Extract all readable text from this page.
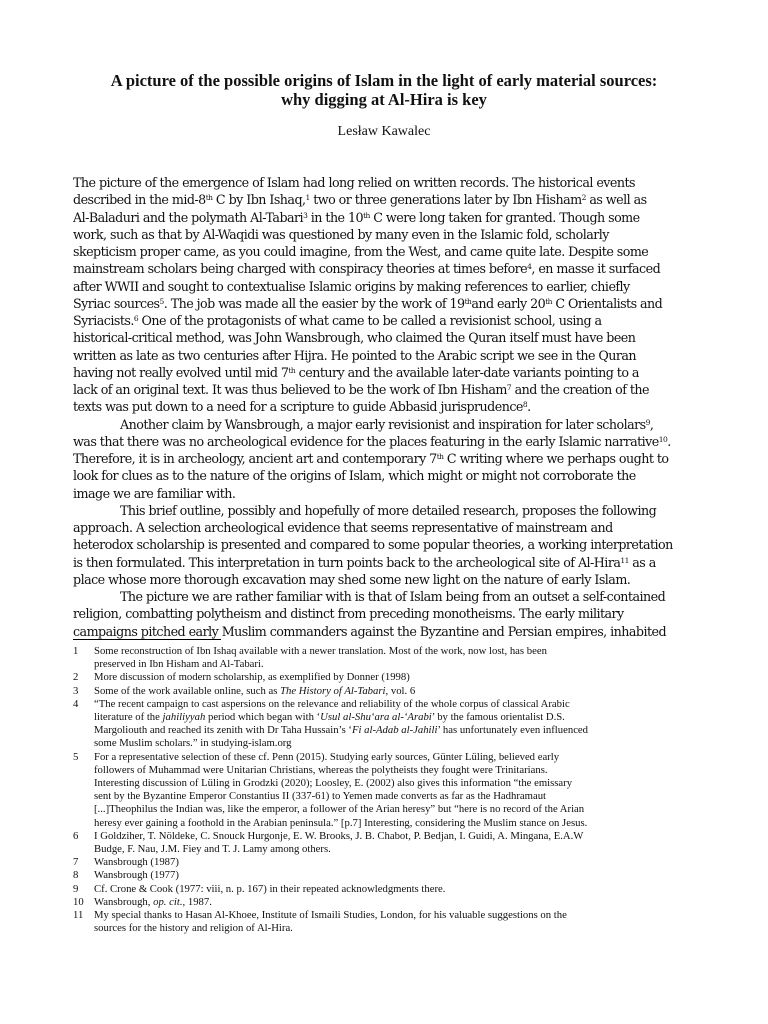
A picture of the possible origins of Islam in the light of early material sources:
why digging at Al-Hira is key

Lesław Kawalec

The picture of the emergence of Islam had long relied on written records. The historical events
described in the mid-8th C by Ibn Ishaq,$^1$ two or three generations later by Ibn Hisham$^2$ as well as
Al-Baladuri and the polymath Al-Tabari$^3$ in the 10th C were long taken for granted. Though some
work, such as that by Al-Waqidi was questioned by many even in the Islamic fold, scholarly
skepticism proper came, as you could imagine, from the West, and came quite late. Despite some
mainstream scholars being charged with conspiracy theories at times before$^4$, en masse it surfaced
after WWII and sought to contextualise Islamic origins by making references to earlier, chiefly
Syriac sources$^5$. The job was made all the easier by the work of 19thand early 20th C Orientalists and
Syriacists.$^6$ One of the protagonists of what came to be called a revisionist school, using a
historical-critical method, was John Wansbrough, who claimed the Quran itself must have been
written as late as two centuries after Hijra. He pointed to the Arabic script we see in the Quran
having not really evolved until mid 7th century and the available later-date variants pointing to a
lack of an original text. It was thus believed to be the work of Ibn Hisham$^7$ and the creation of the
texts was put down to a need for a scripture to guide Abbasid jurisprudence$^8$.
Another claim by Wansbrough, a major early revisionist and inspiration for later scholars$^9$,
was that there was no archeological evidence for the places featuring in the early Islamic narrative$^{10}$.
Therefore, it is in archeology, ancient art and contemporary 7th C writing where we perhaps ought to
look for clues as to the nature of the origins of Islam, which might or might not corroborate the
image we are familiar with.
This brief outline, possibly and hopefully of more detailed research, proposes the following
approach. A selection archeological evidence that seems representative of mainstream and
heterodox scholarship is presented and compared to some popular theories, a working interpretation
is then formulated. This interpretation in turn points back to the archeological site of Al-Hira$^{11}$ as a
place whose more thorough excavation may shed some new light on the nature of early Islam.
The picture we are rather familiar with is that of Islam being from an outset a self-contained
religion, combatting polytheism and distinct from preceding monotheisms. The early military
campaigns pitched early Muslim commanders against the Byzantine and Persian empires, inhabited
1 Some reconstruction of Ibn Ishaq available with a newer translation. Most of the work, now lost, has been
preserved in Ibn Hisham and Al-Tabari.
2 More discussion of modern scholarship, as exemplified by Donner (1998)
3 Some of the work available online, such as The History of Al-Tabari, vol. 6
4 “The recent campaign to cast aspersions on the relevance and reliability of the whole corpus of classical Arabic
literature of the jahiliyyah period which began with ‘Usul al-Shu‘ara al-‘Arabi’ by the famous orientalist D.S.
Margoliouth and reached its zenith with Dr Taha Hussain’s ‘Fi al-Adab al-Jahili’ has unfortunately even influenced
some Muslim scholars.” in studying-islam.org
5 For a representative selection of these cf. Penn (2015). Studying early sources, Günter Lüling, believed early
followers of Muhammad were Unitarian Christians, whereas the polytheists they fought were Trinitarians.
Interesting discussion of Lüling in Grodzki (2020); Loosley, E. (2002) also gives this information “the emissary
sent by the Byzantine Emperor Constantius II (337-61) to Yemen made converts as far as the Hadhramaut
[...]Theophilus the Indian was, like the emperor, a follower of the Arian heresy” but “here is no record of the Arian
heresy ever gaining a foothold in the Arabian peninsula.” [p.7] Interesting, considering the Muslim stance on Jesus.
6 I Goldziher, T. Nöldeke, C. Snouck Hurgonje, E. W. Brooks, J. B. Chabot, P. Bedjan, I. Guidi, A. Mingana, E.A.W
Budge, F. Nau, J.M. Fiey and T. J. Lamy among others.
7 Wansbrough (1987)
8 Wansbrough (1977)
9 Cf. Crone & Cook (1977: viii, n. p. 167) in their repeated acknowledgments there.
10 Wansbrough, op. cit., 1987.
11 My special thanks to Hasan Al-Khoee, Institute of Ismaili Studies, London, for his valuable suggestions on the
sources for the history and religion of Al-Hira.
